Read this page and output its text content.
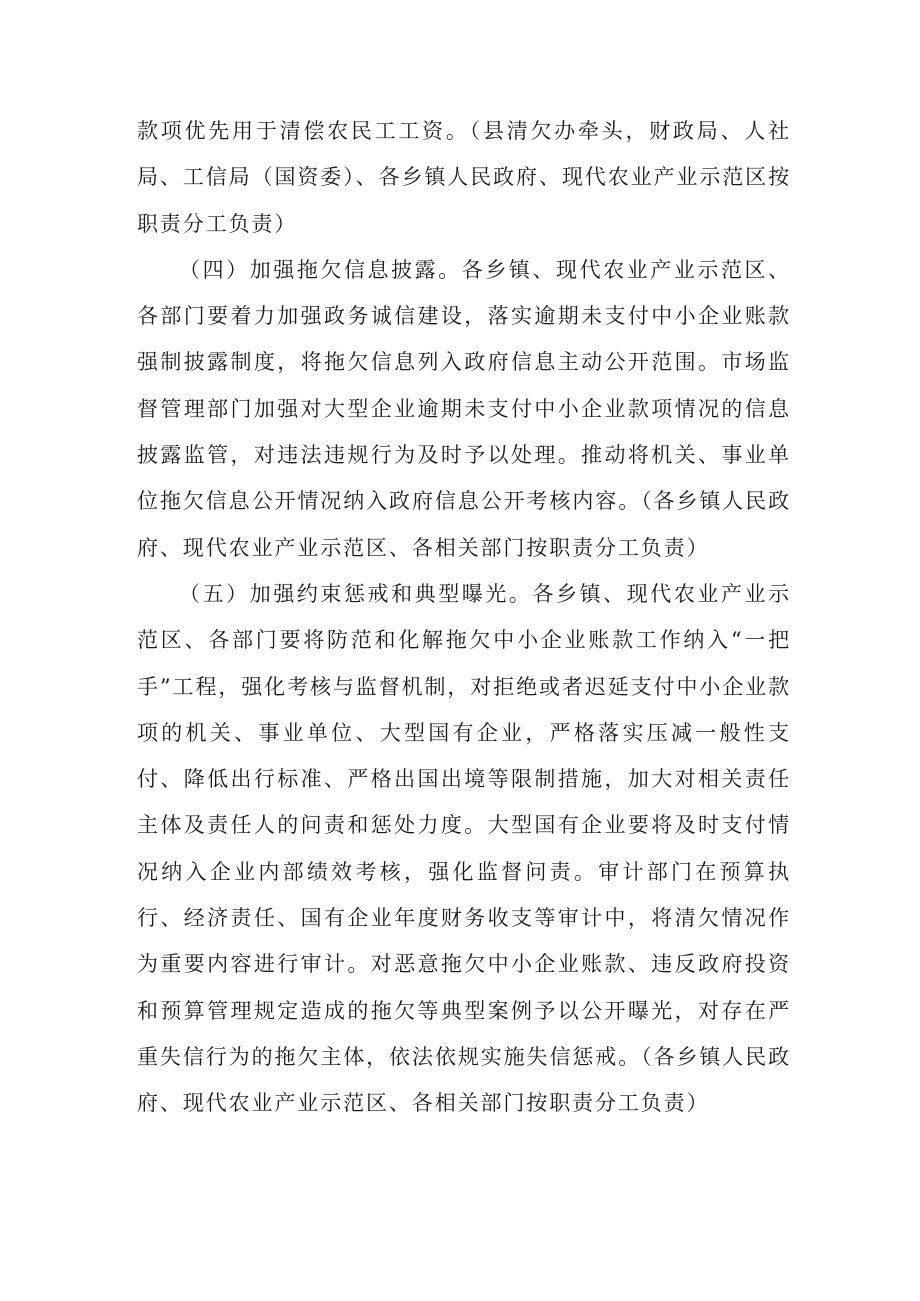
款项优先用于清偿农民工工资。（县清欠办牵头，财政局、人社局、工信局（国资委）、各乡镇人民政府、现代农业产业示范区按职责分工负责）

（四）加强拖欠信息披露。各乡镇、现代农业产业示范区、各部门要着力加强政务诚信建设，落实逾期未支付中小企业账款强制披露制度，将拖欠信息列入政府信息主动公开范围。市场监督管理部门加强对大型企业逾期未支付中小企业款项情况的信息披露监管，对违法违规行为及时予以处理。推动将机关、事业单位拖欠信息公开情况纳入政府信息公开考核内容。（各乡镇人民政府、现代农业产业示范区、各相关部门按职责分工负责）

（五）加强约束惩戒和典型曝光。各乡镇、现代农业产业示范区、各部门要将防范和化解拖欠中小企业账款工作纳入“一把手”工程，强化考核与监督机制，对拒绝或者迟延支付中小企业款项的机关、事业单位、大型国有企业，严格落实压减一般性支付、降低出行标准、严格出国出境等限制措施，加大对相关责任主体及责任人的问责和惩处力度。大型国有企业要将及时支付情况纳入企业内部绩效考核，强化监督问责。审计部门在预算执行、经济责任、国有企业年度财务收支等审计中，将清欠情况作为重要内容进行审计。对恶意拖欠中小企业账款、违反政府投资和预算管理规定造成的拖欠等典型案例予以公开曝光，对存在严重失信行为的拖欠主体，依法依规实施失信惩戒。（各乡镇人民政府、现代农业产业示范区、各相关部门按职责分工负责）
